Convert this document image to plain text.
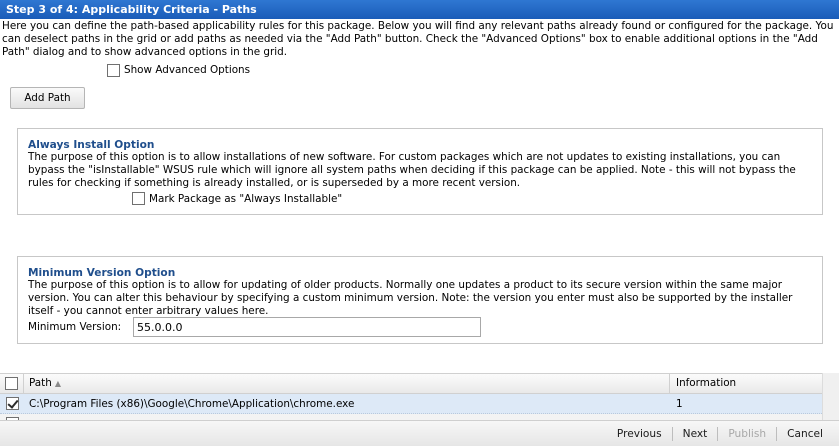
Step 3 of 4: Applicability Criteria - Paths
Here you can define the path-based applicability rules for this package. Below you will find any relevant paths already found or configured for the package. You can deselect paths in the grid or add paths as needed via the "Add Path" button. Check the "Advanced Options" box to enable additional options in the "Add Path" dialog and to show advanced options in the grid.
Show Advanced Options
Add Path
Always Install Option
The purpose of this option is to allow installations of new software. For custom packages which are not updates to existing installations, you can bypass the "isInstallable" WSUS rule which will ignore all system paths when deciding if this package can be applied. Note - this will not bypass the rules for checking if something is already installed, or is superseded by a more recent version.
Mark Package as "Always Installable"
Minimum Version Option
The purpose of this option is to allow for updating of older products. Normally one updates a product to its secure version within the same major version. You can alter this behaviour by specifying a custom minimum version. Note: the version you enter must also be supported by the installer itself - you cannot enter arbitrary values here.
Minimum Version:
55.0.0.0
Path ▲	Information
C:\Program Files (x86)\Google\Chrome\Application\chrome.exe	1
Previous	Next	Publish	Cancel
